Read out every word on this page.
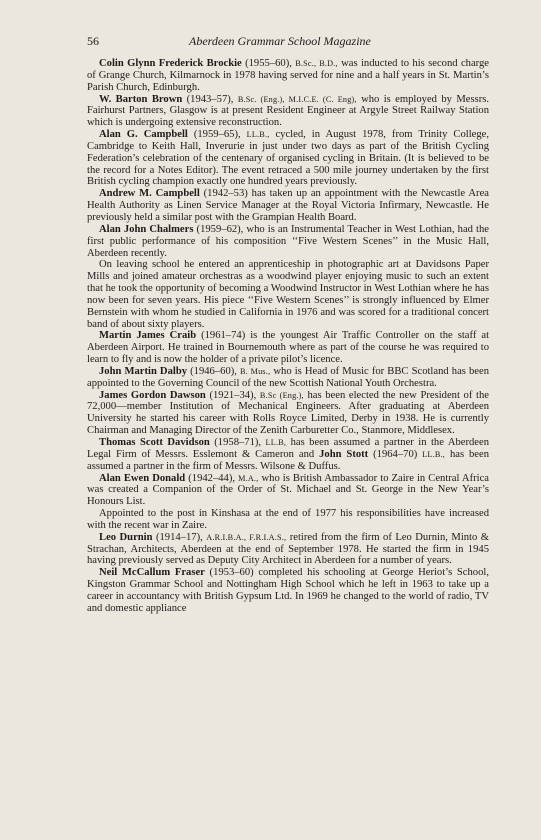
56	Aberdeen Grammar School Magazine

Colin Glynn Frederick Brockie (1955–60), B.Sc., B.D., was inducted to his second charge of Grange Church, Kilmarnock in 1978 having served for nine and a half years in St. Martin’s Parish Church, Edinburgh.

W. Barton Brown (1943–57), B.Sc. (Eng.), M.I.C.E. (C. Eng), who is employed by Messrs. Fairhurst Partners, Glasgow is at present Resident Engineer at Argyle Street Railway Station which is undergoing extensive reconstruction.

Alan G. Campbell (1959–65), LL.B., cycled, in August 1978, from Trinity College, Cambridge to Keith Hall, Inverurie in just under two days as part of the British Cycling Federation’s celebration of the centenary of organised cycling in Britain. (It is believed to be the record for a Notes Editor). The event retraced a 500 mile journey undertaken by the first British cycling champion exactly one hundred years previously.

Andrew M. Campbell (1942–53) has taken up an appointment with the Newcastle Area Health Authority as Linen Service Manager at the Royal Victoria Infirmary, Newcastle. He previously held a similar post with the Grampian Health Board.

Alan John Chalmers (1959–62), who is an Instrumental Teacher in West Lothian, had the first public performance of his composition ‘‘Five Western Scenes’’ in the Music Hall, Aberdeen recently.

On leaving school he entered an apprenticeship in photographic art at Davidsons Paper Mills and joined amateur orchestras as a woodwind player enjoying music to such an extent that he took the opportunity of becoming a Woodwind Instructor in West Lothian where he has now been for seven years. His piece ‘‘Five Western Scenes’’ is strongly influenced by Elmer Bernstein with whom he studied in California in 1976 and was scored for a traditional concert band of about sixty players.

Martin James Craib (1961–74) is the youngest Air Traffic Controller on the staff at Aberdeen Airport. He trained in Bournemouth where as part of the course he was required to learn to fly and is now the holder of a private pilot’s licence.

John Martin Dalby (1946–60), B. Mus., who is Head of Music for BBC Scotland has been appointed to the Governing Council of the new Scottish National Youth Orchestra.

James Gordon Dawson (1921–34), B.Sc (Eng.), has been elected the new President of the 72,000—member Institution of Mechanical Engineers. After graduating at Aberdeen University he started his career with Rolls Royce Limited, Derby in 1938. He is currently Chairman and Managing Director of the Zenith Carburetter Co., Stanmore, Middlesex.

Thomas Scott Davidson (1958–71), LL.B, has been assumed a partner in the Aberdeen Legal Firm of Messrs. Esslemont & Cameron and John Stott (1964–70) LL.B., has been assumed a partner in the firm of Messrs. Wilsone & Duffus.

Alan Ewen Donald (1942–44), M.A., who is British Ambassador to Zaire in Central Africa was created a Companion of the Order of St. Michael and St. George in the New Year’s Honours List.

Appointed to the post in Kinshasa at the end of 1977 his responsibilities have increased with the recent war in Zaire.

Leo Durnin (1914–17), A.R.I.B.A., F.R.I.A.S., retired from the firm of Leo Durnin, Minto & Strachan, Architects, Aberdeen at the end of September 1978. He started the firm in 1945 having previously served as Deputy City Architect in Aberdeen for a number of years.

Neil McCallum Fraser (1953–60) completed his schooling at George Heriot’s School, Kingston Grammar School and Nottingham High School which he left in 1963 to take up a career in accountancy with British Gypsum Ltd. In 1969 he changed to the world of radio, TV and domestic appliance
